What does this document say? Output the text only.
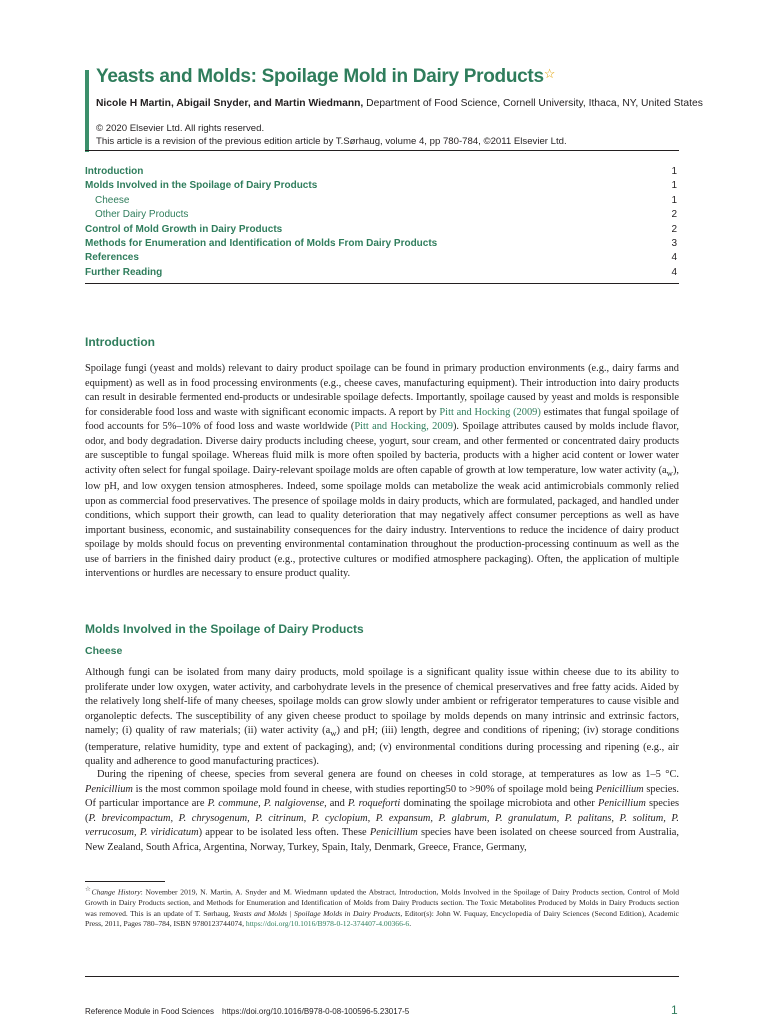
Yeasts and Molds: Spoilage Mold in Dairy Products☆
Nicole H Martin, Abigail Snyder, and Martin Wiedmann, Department of Food Science, Cornell University, Ithaca, NY, United States
© 2020 Elsevier Ltd. All rights reserved.
This article is a revision of the previous edition article by T.Sørhaug, volume 4, pp 780-784, ©2011 Elsevier Ltd.
Introduction	1
Molds Involved in the Spoilage of Dairy Products	1
Cheese	1
Other Dairy Products	2
Control of Mold Growth in Dairy Products	2
Methods for Enumeration and Identification of Molds From Dairy Products	3
References	4
Further Reading	4
Introduction

Spoilage fungi (yeast and molds) relevant to dairy product spoilage can be found in primary production environments (e.g., dairy farms and equipment) as well as in food processing environments (e.g., cheese caves, manufacturing equipment). Their introduction into dairy products can result in desirable fermented end-products or undesirable spoilage defects. Importantly, spoilage caused by yeast and molds is responsible for considerable food loss and waste with significant economic impacts. A report by Pitt and Hocking (2009) estimates that fungal spoilage of food accounts for 5%–10% of food loss and waste worldwide (Pitt and Hocking, 2009). Spoilage attributes caused by molds include flavor, odor, and body degradation. Diverse dairy products including cheese, yogurt, sour cream, and other fermented or concentrated dairy products are susceptible to fungal spoilage. Whereas fluid milk is more often spoiled by bacteria, products with a higher acid content or lower water activity often select for fungal spoilage. Dairy-relevant spoilage molds are often capable of growth at low temperature, low water activity $(a_w)$, low pH, and low oxygen tension atmospheres. Indeed, some spoilage molds can metabolize the weak acid antimicrobials commonly relied upon as commercial food preservatives. The presence of spoilage molds in dairy products, which are formulated, packaged, and handled under conditions, which support their growth, can lead to quality deterioration that may negatively affect consumer perceptions as well as have important business, economic, and sustainability consequences for the dairy industry. Interventions to reduce the incidence of dairy product spoilage by molds should focus on preventing environmental contamination throughout the production-processing continuum as well as the use of barriers in the finished dairy product (e.g., protective cultures or modified atmosphere packaging). Often, the application of multiple interventions or hurdles are necessary to ensure product quality.

Molds Involved in the Spoilage of Dairy Products
Cheese

Although fungi can be isolated from many dairy products, mold spoilage is a significant quality issue within cheese due to its ability to proliferate under low oxygen, water activity, and carbohydrate levels in the presence of chemical preservatives and free fatty acids. Aided by the relatively long shelf-life of many cheeses, spoilage molds can grow slowly under ambient or refrigerator temperatures to cause visible and organoleptic defects. The susceptibility of any given cheese product to spoilage by molds depends on many intrinsic and extrinsic factors, namely; (i) quality of raw materials; (ii) water activity $(a_w)$ and pH; (iii) length, degree and conditions of ripening; (iv) storage conditions (temperature, relative humidity, type and extent of packaging), and; (v) environmental conditions during processing and ripening (e.g., air quality and adherence to good manufacturing practices).

During the ripening of cheese, species from several genera are found on cheeses in cold storage, at temperatures as low as 1–5 °C. Penicillium is the most common spoilage mold found in cheese, with studies reporting50 to >90% of spoilage mold being Penicillium species. Of particular importance are P. commune, P. nalgiovense, and P. roqueforti dominating the spoilage microbiota and other Penicillium species (P. brevicompactum, P. chrysogenum, P. citrinum, P. cyclopium, P. expansum, P. glabrum, P. granulatum, P. palitans, P. solitum, P. verrucosum, P. viridicatum) appear to be isolated less often. These Penicillium species have been isolated on cheese sourced from Australia, New Zealand, South Africa, Argentina, Norway, Turkey, Spain, Italy, Denmark, Greece, France, Germany,

☆Change History: November 2019, N. Martin, A. Snyder and M. Wiedmann updated the Abstract, Introduction, Molds Involved in the Spoilage of Dairy Products section, Control of Mold Growth in Dairy Products section, and Methods for Enumeration and Identification of Molds from Dairy Products section. The Toxic Metabolites Produced by Molds in Dairy Products section was removed. This is an update of T. Sørhaug, Yeasts and Molds | Spoilage Molds in Dairy Products, Editor(s): John W. Fuquay, Encyclopedia of Dairy Sciences (Second Edition), Academic Press, 2011, Pages 780–784, ISBN 9780123744074, https://doi.org/10.1016/B978-0-12-374407-4.00366-6.
Reference Module in Food Sciences https://doi.org/10.1016/B978-0-08-100596-5.23017-5	1
